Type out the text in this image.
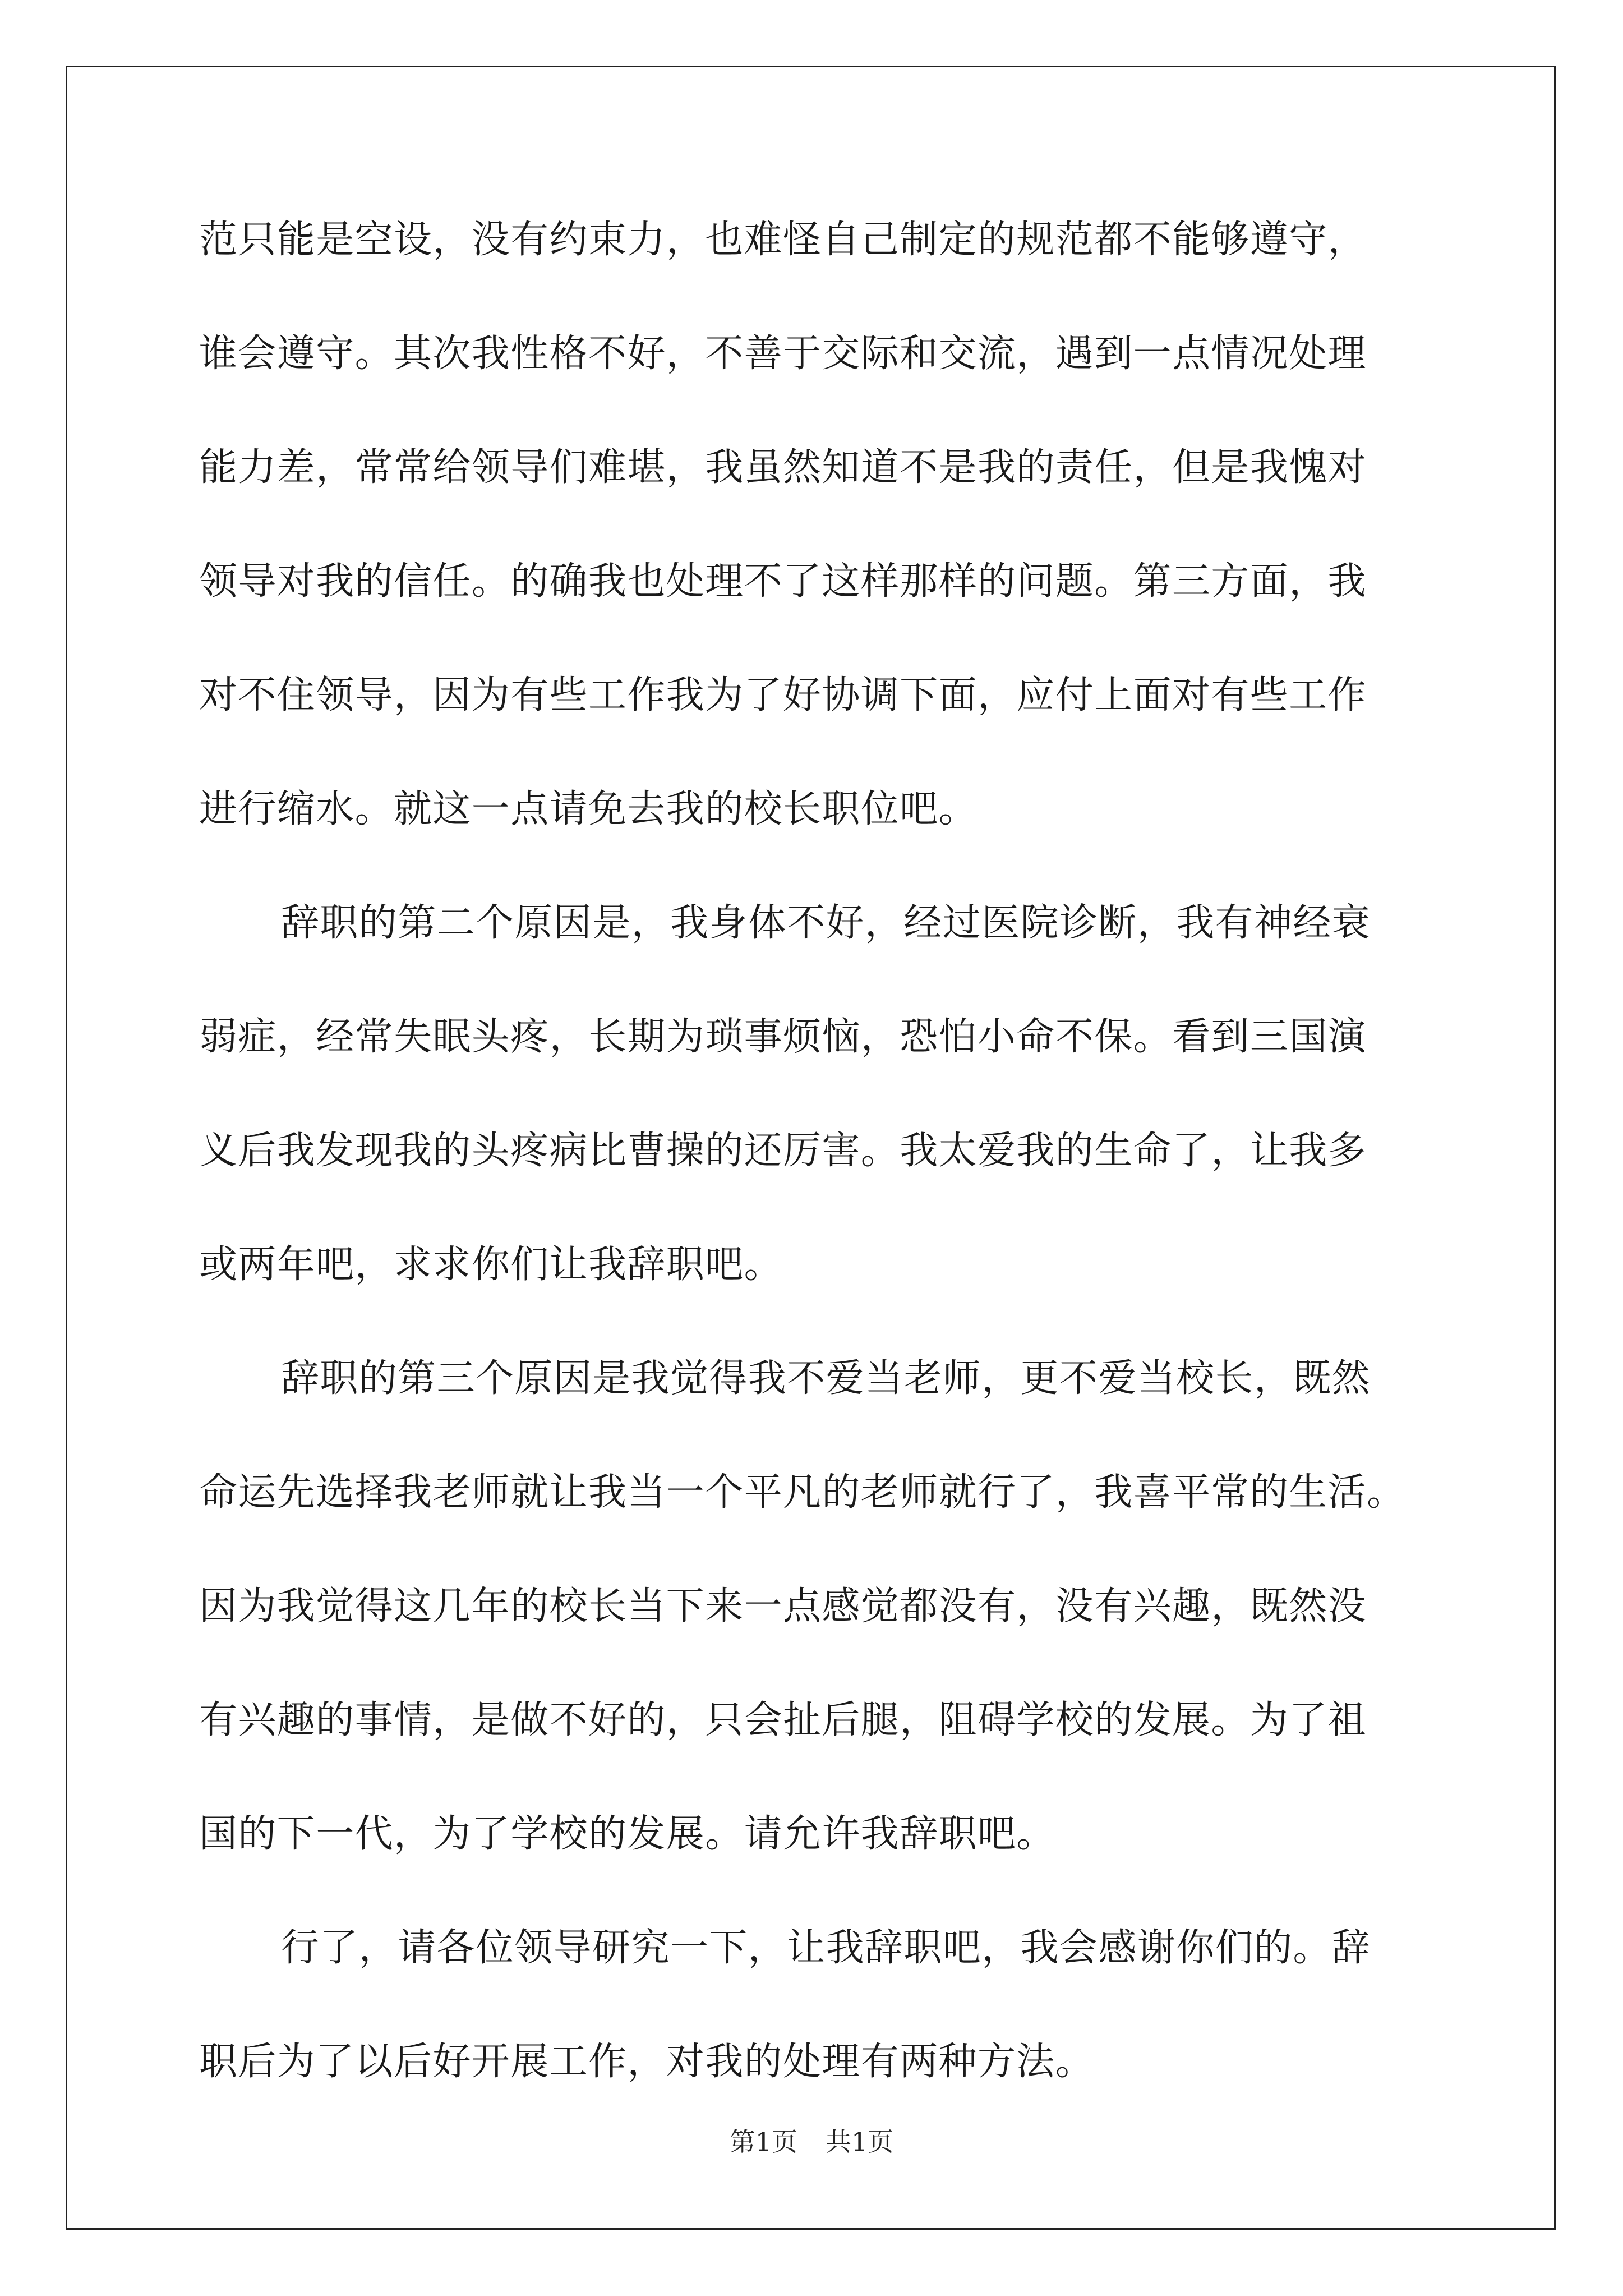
范只能是空设，没有约束力，也难怪自己制定的规范都不能够遵守，
谁会遵守。其次我性格不好，不善于交际和交流，遇到一点情况处理
能力差，常常给领导们难堪，我虽然知道不是我的责任，但是我愧对
领导对我的信任。的确我也处理不了这样那样的问题。第三方面，我
对不住领导，因为有些工作我为了好协调下面，应付上面对有些工作
进行缩水。就这一点请免去我的校长职位吧。
辞职的第二个原因是，我身体不好，经过医院诊断，我有神经衰
弱症，经常失眠头疼，长期为琐事烦恼，恐怕小命不保。看到三国演
义后我发现我的头疼病比曹操的还厉害。我太爱我的生命了，让我多
或两年吧，求求你们让我辞职吧。
辞职的第三个原因是我觉得我不爱当老师，更不爱当校长，既然
命运先选择我老师就让我当一个平凡的老师就行了，我喜平常的生活。
因为我觉得这几年的校长当下来一点感觉都没有，没有兴趣，既然没
有兴趣的事情，是做不好的，只会扯后腿，阻碍学校的发展。为了祖
国的下一代，为了学校的发展。请允许我辞职吧。
行了，请各位领导研究一下，让我辞职吧，我会感谢你们的。辞
职后为了以后好开展工作，对我的处理有两种方法。
第1页 共1页
